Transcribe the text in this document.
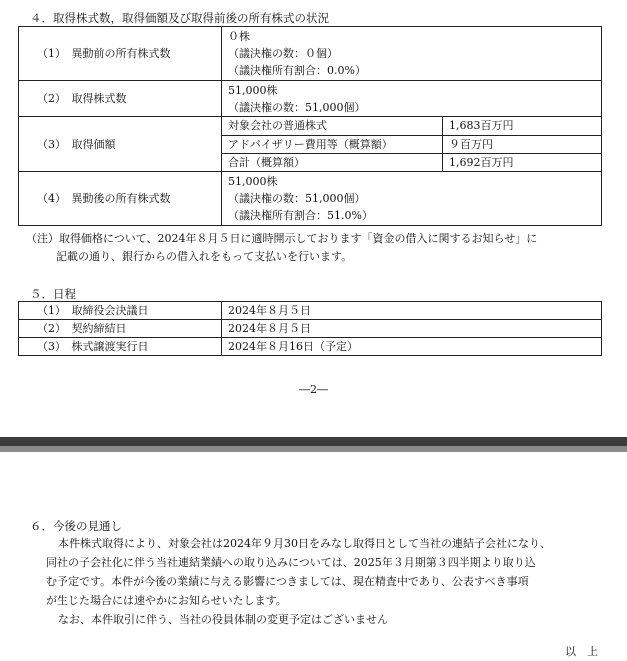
４．取得株式数，取得価額及び取得前後の所有株式の状況
（1）　異動前の所有株式数	
０株
（議決権の数：０個）
（議決権所有割合：0.0%）

（2）　取得株式数	
51,000株
（議決権の数：51,000個）

（3）　取得価額	
対象会社の普通株式	1,683百万円
アドバイザリー費用等（概算額）	９百万円
合計（概算額）	1,692百万円

（4）　異動後の所有株式数	
51,000株
（議決権の数：51,000個）
（議決権所有割合：51.0%）
（注）取得価格について、2024年８月５日に適時開示しております「資金の借入に関するお知らせ」に
記載の通り、銀行からの借入れをもって支払いを行います。
５．日程
（1）　取締役会決議日	2024年８月５日
（2）　契約締結日	2024年８月５日
（3）　株式譲渡実行日	2024年８月16日（予定）
―2―
６．今後の見通し
本件株式取得により、対象会社は2024年９月30日をみなし取得日として当社の連結子会社になり、
同社の子会社化に伴う当社連結業績への取り込みについては、2025年３月期第３四半期より取り込
む予定です。本件が今後の業績に与える影響につきましては、現在精査中であり、公表すべき事項
が生じた場合には速やかにお知らせいたします。
なお、本件取引に伴う、当社の役員体制の変更予定はございません
以　上
